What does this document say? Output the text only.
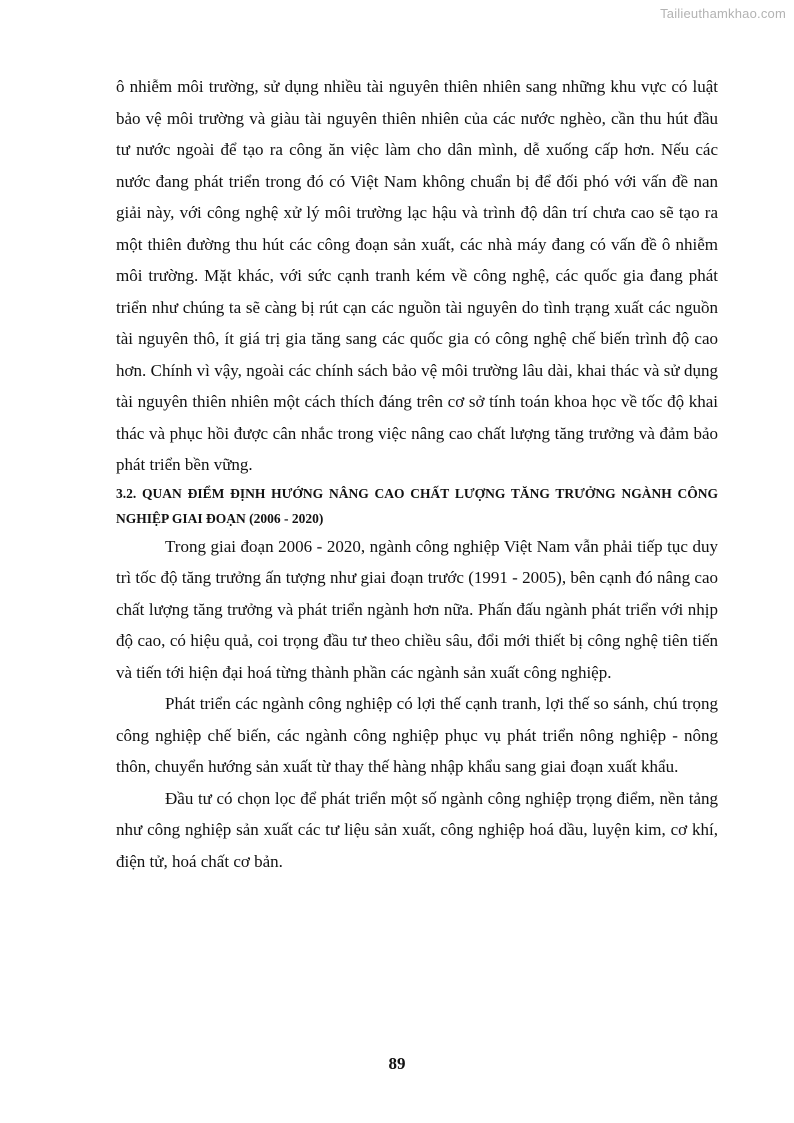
Tailieuthamkhao.com

ô nhiễm môi trường, sử dụng nhiều tài nguyên thiên nhiên sang những khu vực có luật bảo vệ môi trường và giàu tài nguyên thiên nhiên của các nước nghèo, cần thu hút đầu tư nước ngoài để tạo ra công ăn việc làm cho dân mình, dễ xuống cấp hơn. Nếu các nước đang phát triển trong đó có Việt Nam không chuẩn bị để đối phó với vấn đề nan giải này, với công nghệ xử lý môi trường lạc hậu và trình độ dân trí chưa cao sẽ tạo ra một thiên đường thu hút các công đoạn sản xuất, các nhà máy đang có vấn đề ô nhiễm môi trường. Mặt khác, với sức cạnh tranh kém về công nghệ, các quốc gia đang phát triển như chúng ta sẽ càng bị rút cạn các nguồn tài nguyên do tình trạng xuất các nguồn tài nguyên thô, ít giá trị gia tăng sang các quốc gia có công nghệ chế biến trình độ cao hơn. Chính vì vậy, ngoài các chính sách bảo vệ môi trường lâu dài, khai thác và sử dụng tài nguyên thiên nhiên một cách thích đáng trên cơ sở tính toán khoa học về tốc độ khai thác và phục hồi được cân nhắc trong việc nâng cao chất lượng tăng trưởng và đảm bảo phát triển bền vững.

3.2. QUAN ĐIỂM ĐỊNH HƯỚNG NÂNG CAO CHẤT LƯỢNG TĂNG TRƯỞNG NGÀNH CÔNG NGHIỆP GIAI ĐOẠN (2006 - 2020)

Trong giai đoạn 2006 - 2020, ngành công nghiệp Việt Nam vẫn phải tiếp tục duy trì tốc độ tăng trưởng ấn tượng như giai đoạn trước (1991 - 2005), bên cạnh đó nâng cao chất lượng tăng trưởng và phát triển ngành hơn nữa. Phấn đấu ngành phát triển với nhịp độ cao, có hiệu quả, coi trọng đầu tư theo chiều sâu, đổi mới thiết bị công nghệ tiên tiến và tiến tới hiện đại hoá từng thành phần các ngành sản xuất công nghiệp.

Phát triển các ngành công nghiệp có lợi thế cạnh tranh, lợi thế so sánh, chú trọng công nghiệp chế biến, các ngành công nghiệp phục vụ phát triển nông nghiệp - nông thôn, chuyển hướng sản xuất từ thay thế hàng nhập khẩu sang giai đoạn xuất khẩu.

Đầu tư có chọn lọc để phát triển một số ngành công nghiệp trọng điểm, nền tảng như công nghiệp sản xuất các tư liệu sản xuất, công nghiệp hoá dầu, luyện kim, cơ khí, điện tử, hoá chất cơ bản.

89
